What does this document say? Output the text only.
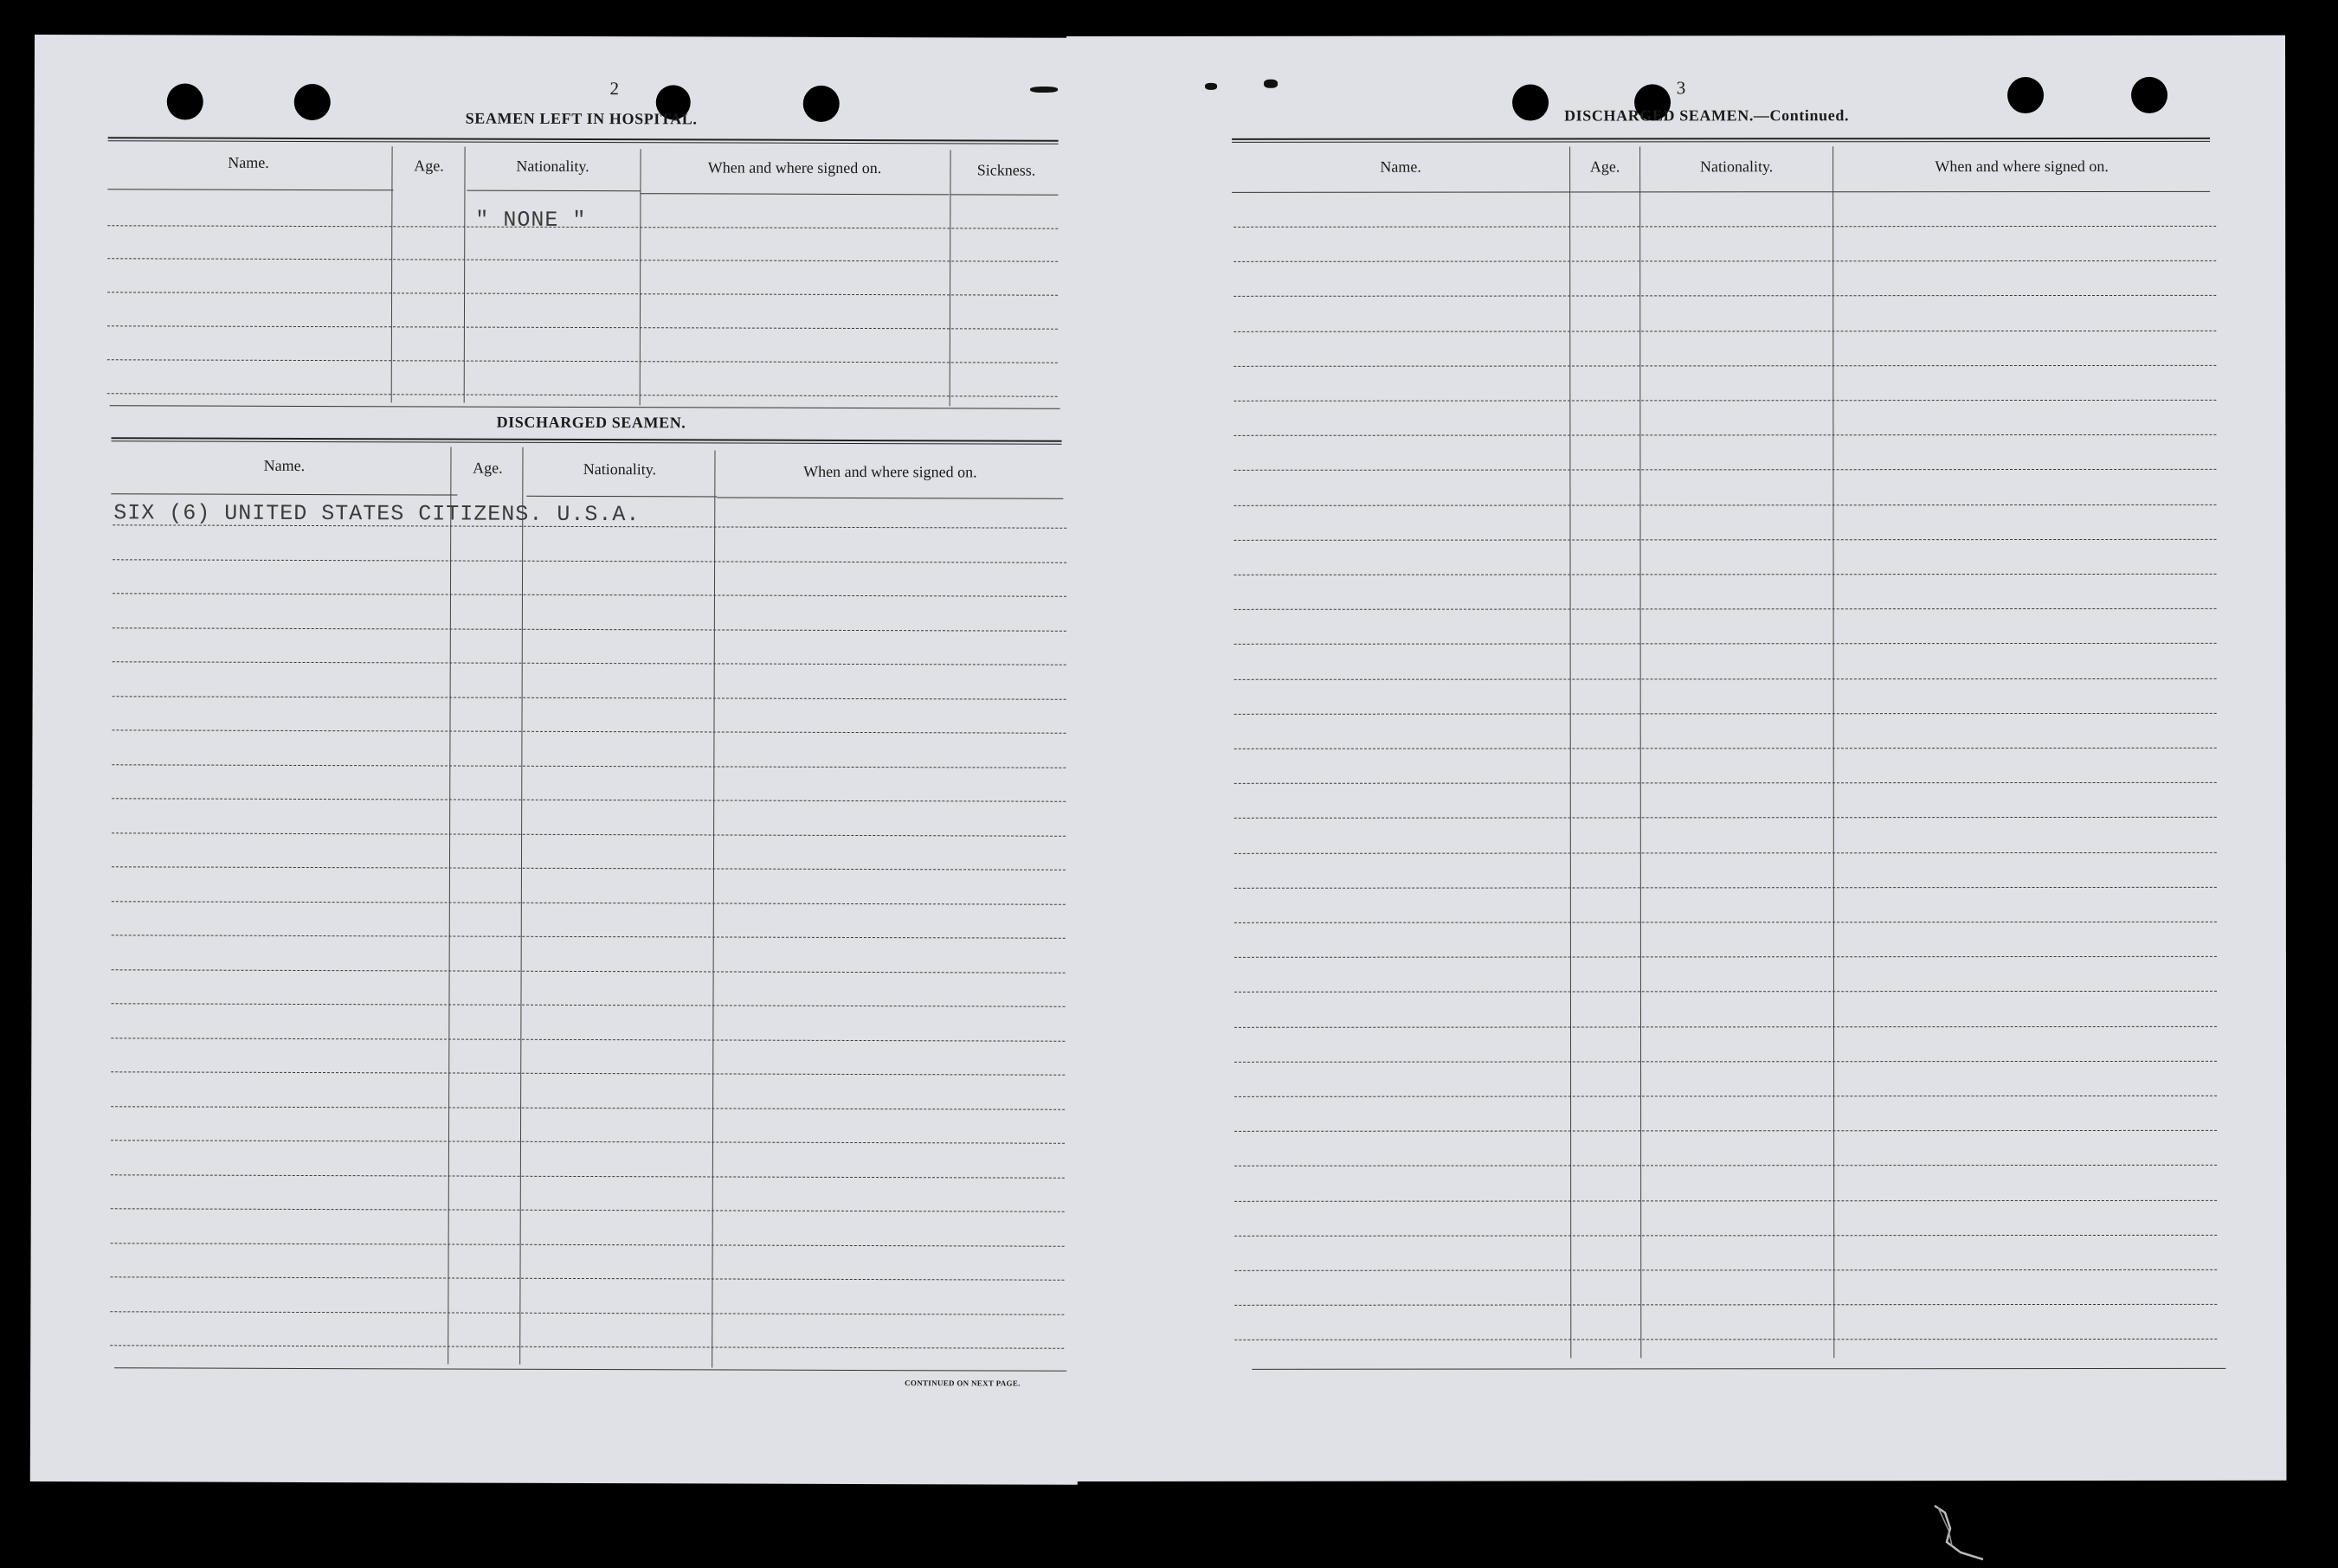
2
SEAMEN LEFT IN HOSPITAL.
Name.	Age.	Nationality.	When and where signed on.	Sickness.
" NONE "
DISCHARGED SEAMEN.
Name.	Age.	Nationality.	When and where signed on.
SIX (6) UNITED STATES CITIZENS. U.S.A.
CONTINUED ON NEXT PAGE.
3
DISCHARGED SEAMEN.—Continued.
Name.	Age.	Nationality.	When and where signed on.
